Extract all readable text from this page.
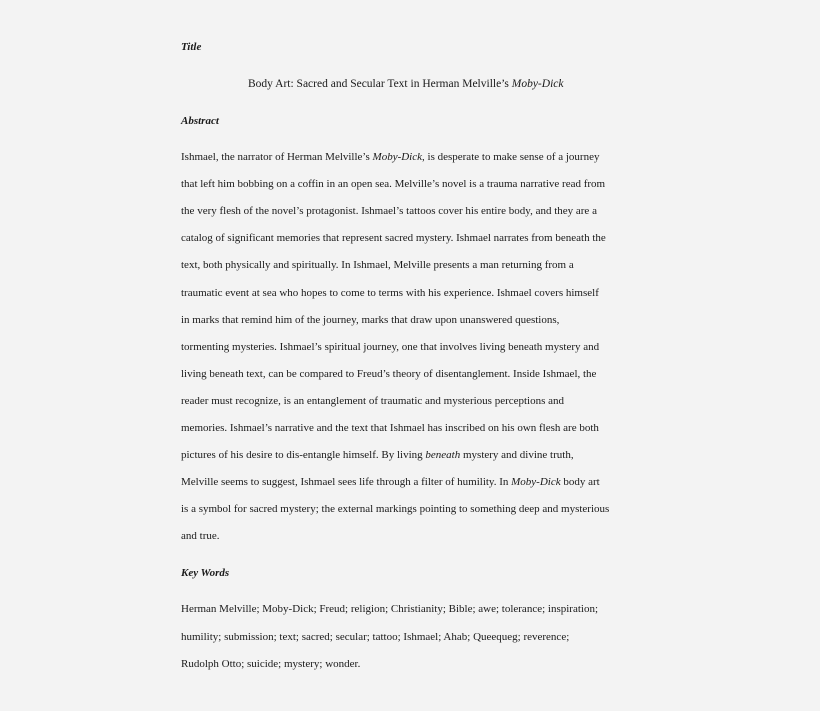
Title

Body Art: Sacred and Secular Text in Herman Melville’s Moby-Dick

Abstract

Ishmael, the narrator of Herman Melville’s Moby-Dick, is desperate to make sense of a journey

that left him bobbing on a coffin in an open sea. Melville’s novel is a trauma narrative read from

the very flesh of the novel’s protagonist. Ishmael’s tattoos cover his entire body, and they are a

catalog of significant memories that represent sacred mystery. Ishmael narrates from beneath the

text, both physically and spiritually. In Ishmael, Melville presents a man returning from a

traumatic event at sea who hopes to come to terms with his experience. Ishmael covers himself

in marks that remind him of the journey, marks that draw upon unanswered questions,

tormenting mysteries. Ishmael’s spiritual journey, one that involves living beneath mystery and

living beneath text, can be compared to Freud’s theory of disentanglement. Inside Ishmael, the

reader must recognize, is an entanglement of traumatic and mysterious perceptions and

memories. Ishmael’s narrative and the text that Ishmael has inscribed on his own flesh are both

pictures of his desire to dis-entangle himself. By living beneath mystery and divine truth,

Melville seems to suggest, Ishmael sees life through a filter of humility. In Moby-Dick body art

is a symbol for sacred mystery; the external markings pointing to something deep and mysterious

and true.

Key Words

Herman Melville; Moby-Dick; Freud; religion; Christianity; Bible; awe; tolerance; inspiration;

humility; submission; text; sacred; secular; tattoo; Ishmael; Ahab; Queequeg; reverence;

Rudolph Otto; suicide; mystery; wonder.
